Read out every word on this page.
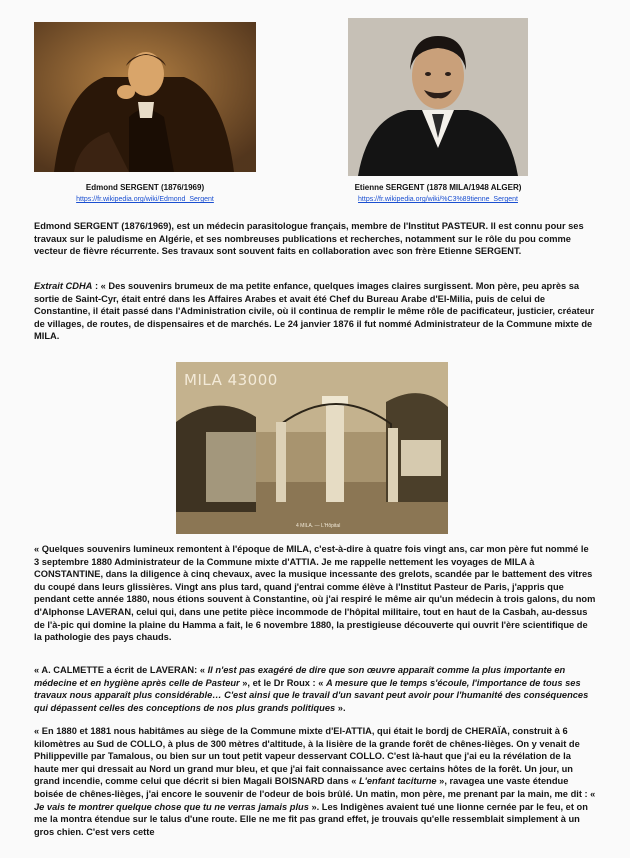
Edmond SERGENT (1876/1969)
https://fr.wikipedia.org/wiki/Edmond_Sergent
Etienne SERGENT (1878 MILA/1948 ALGER)
https://fr.wikipedia.org/wiki/%C3%89tienne_Sergent
Edmond SERGENT (1876/1969), est un médecin parasitologue français, membre de l'Institut PASTEUR. Il est connu pour ses travaux sur le paludisme en Algérie, et ses nombreuses publications et recherches, notamment sur le rôle du pou comme vecteur de fièvre récurrente. Ses travaux sont souvent faits en collaboration avec son frère Etienne SERGENT.
Extrait CDHA : « Des souvenirs brumeux de ma petite enfance, quelques images claires surgissent. Mon père, peu après sa sortie de Saint-Cyr, était entré dans les Affaires Arabes et avait été Chef du Bureau Arabe d'El-Milia, puis de celui de Constantine, il était passé dans l'Administration civile, où il continua de remplir le même rôle de pacificateur, justicier, créateur de villages, de routes, de dispensaires et de marchés. Le 24 janvier 1876 il fut nommé Administrateur de la Commune mixte de MILA.
MILA 43000
4 MILA. — L'Hôpital
« Quelques souvenirs lumineux remontent à l'époque de MILA, c'est-à-dire à quatre fois vingt ans, car mon père fut nommé le 3 septembre 1880 Administrateur de la Commune mixte d'ATTIA. Je me rappelle nettement les voyages de MILA à CONSTANTINE, dans la diligence à cinq chevaux, avec la musique incessante des grelots, scandée par le battement des vitres du coupé dans leurs glissières. Vingt ans plus tard, quand j'entrai comme élève à l'Institut Pasteur de Paris, j'appris que pendant cette année 1880, nous étions souvent à Constantine, où j'ai respiré le même air qu'un médecin à trois galons, du nom d'Alphonse LAVERAN, celui qui, dans une petite pièce incommode de l'hôpital militaire, tout en haut de la Casbah, au-dessus de l'à-pic qui domine la plaine du Hamma a fait, le 6 novembre 1880, la prestigieuse découverte qui ouvrit l'ère scientifique de la pathologie des pays chauds.
« A. CALMETTE a écrit de LAVERAN: « Il n'est pas exagéré de dire que son œuvre apparaît comme la plus importante en médecine et en hygiène après celle de Pasteur », et le Dr Roux : « A mesure que le temps s'écoule, l'importance de tous ses travaux nous apparaît plus considérable… C'est ainsi que le travail d'un savant peut avoir pour l'humanité des conséquences qui dépassent celles des conceptions de nos plus grands politiques ».
« En 1880 et 1881 nous habitâmes au siège de la Commune mixte d'El-ATTIA, qui était le bordj de CHERAÏA, construit à 6 kilomètres au Sud de COLLO, à plus de 300 mètres d'altitude, à la lisière de la grande forêt de chênes-lièges. On y venait de Philippeville par Tamalous, ou bien sur un tout petit vapeur desservant COLLO. C'est là-haut que j'ai eu la révélation de la haute mer qui dressait au Nord un grand mur bleu, et que j'ai fait connaissance avec certains hôtes de la forêt. Un jour, un grand incendie, comme celui que décrit si bien Magali BOISNARD dans « L'enfant taciturne », ravagea une vaste étendue boisée de chênes-lièges, j'ai encore le souvenir de l'odeur de bois brûlé. Un matin, mon père, me prenant par la main, me dit : « Je vais te montrer quelque chose que tu ne verras jamais plus ». Les Indigènes avaient tué une lionne cernée par le feu, et on me la montra étendue sur le talus d'une route. Elle ne me fit pas grand effet, je trouvais qu'elle ressemblait simplement à un gros chien. C'est vers cette
